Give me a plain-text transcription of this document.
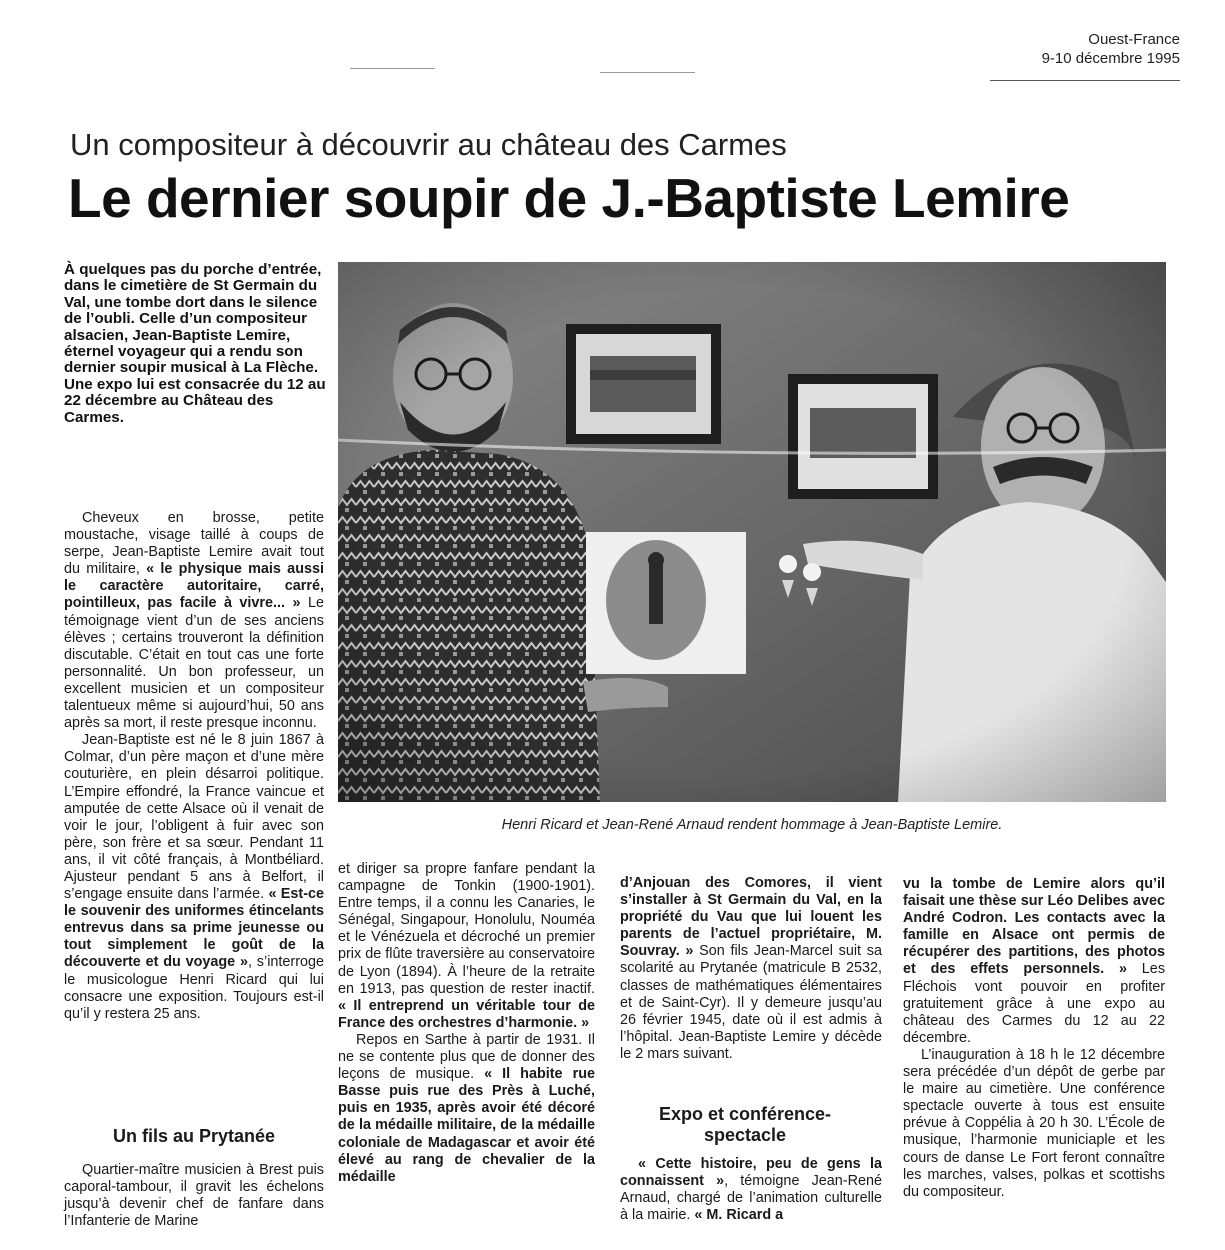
Ouest-France
9-10 décembre 1995
Un compositeur à découvrir au château des Carmes
Le dernier soupir de J.-Baptiste Lemire
À quelques pas du porche d’entrée, dans le cimetière de St Germain du Val, une tombe dort dans le silence de l’oubli. Celle d’un compositeur alsacien, Jean-Baptiste Lemire, éternel voyageur qui a rendu son dernier soupir musical à La Flèche. Une expo lui est consacrée du 12 au 22 décembre au Château des Carmes.
Henri Ricard et Jean-René Arnaud rendent hommage à Jean-Baptiste Lemire.

Cheveux en brosse, petite moustache, visage taillé à coups de serpe, Jean-Baptiste Lemire avait tout du militaire, « le physique mais aussi le caractère autoritaire, carré, pointilleux, pas facile à vivre... » Le témoignage vient d’un de ses anciens élèves ; certains trouveront la définition discutable. C’était en tout cas une forte personnalité. Un bon professeur, un excellent musicien et un compositeur talentueux même si aujourd’hui, 50 ans après sa mort, il reste presque inconnu.

Jean-Baptiste est né le 8 juin 1867 à Colmar, d’un père maçon et d’une mère couturière, en plein désarroi politique. L’Empire effondré, la France vaincue et amputée de cette Alsace où il venait de voir le jour, l’obligent à fuir avec son père, son frère et sa sœur. Pendant 11 ans, il vit côté français, à Montbéliard. Ajusteur pendant 5 ans à Belfort, il s’engage ensuite dans l’armée. « Est-ce le souvenir des uniformes étincelants entrevus dans sa prime jeunesse ou tout simplement le goût de la découverte et du voyage », s’interroge le musicologue Henri Ricard qui lui consacre une exposition. Toujours est-il qu’il y restera 25 ans.

Un fils au Prytanée

Quartier-maître musicien à Brest puis caporal-tambour, il gravit les échelons jusqu’à devenir chef de fanfare dans l’Infanterie de Marine

et diriger sa propre fanfare pendant la campagne de Tonkin (1900-1901). Entre temps, il a connu les Canaries, le Sénégal, Singapour, Honolulu, Nouméa et le Vénézuela et décroché un premier prix de flûte traversière au conservatoire de Lyon (1894). À l’heure de la retraite en 1913, pas question de rester inactif. « Il entreprend un véritable tour de France des orchestres d’harmonie. »

Repos en Sarthe à partir de 1931. Il ne se contente plus que de donner des leçons de musique. « Il habite rue Basse puis rue des Près à Luché, puis en 1935, après avoir été décoré de la médaille militaire, de la médaille coloniale de Madagascar et avoir été élevé au rang de chevalier de la médaille

d’Anjouan des Comores, il vient s’installer à St Germain du Val, en la propriété du Vau que lui louent les parents de l’actuel propriétaire, M. Souvray. » Son fils Jean-Marcel suit sa scolarité au Prytanée (matricule B 2532, classes de mathématiques élémentaires et de Saint-Cyr). Il y demeure jusqu’au 26 février 1945, date où il est admis à l’hôpital. Jean-Baptiste Lemire y décède le 2 mars suivant.

Expo et conférence-spectacle

« Cette histoire, peu de gens la connaissent », témoigne Jean-René Arnaud, chargé de l’animation culturelle à la mairie. « M. Ricard a

vu la tombe de Lemire alors qu’il faisait une thèse sur Léo Delibes avec André Codron. Les contacts avec la famille en Alsace ont permis de récupérer des partitions, des photos et des effets personnels. » Les Fléchois vont pouvoir en profiter gratuitement grâce à une expo au château des Carmes du 12 au 22 décembre.

L’inauguration à 18 h le 12 décembre sera précédée d’un dépôt de gerbe par le maire au cimetière. Une conférence spectacle ouverte à tous est ensuite prévue à Coppélia à 20 h 30. L’École de musique, l’harmonie municiaple et les cours de danse Le Fort feront connaître les marches, valses, polkas et scottishs du compositeur.
